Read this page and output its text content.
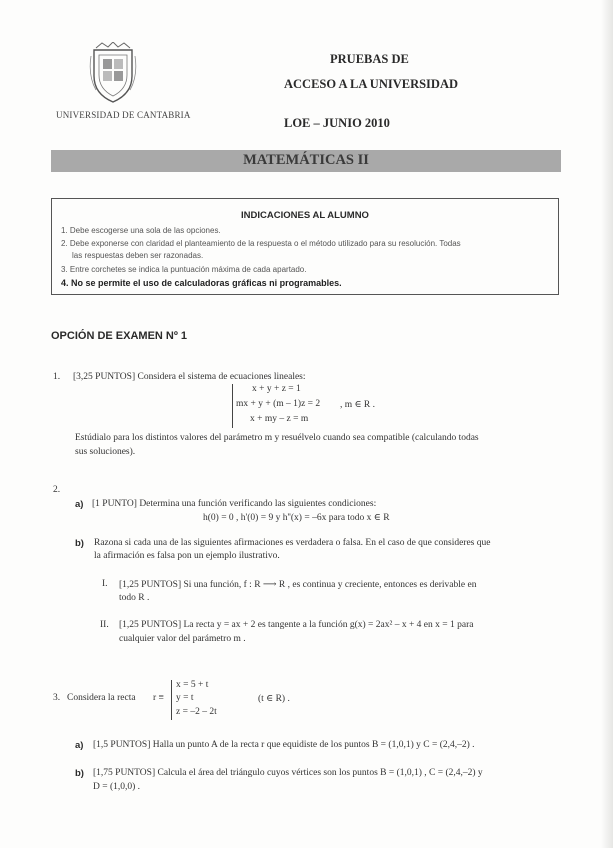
UNIVERSIDAD DE CANTABRIA
PRUEBAS DE
ACCESO A LA UNIVERSIDAD
LOE – JUNIO 2010
MATEMÁTICAS II
INDICACIONES AL ALUMNO
1. Debe escogerse una sola de las opciones.
2. Debe exponerse con claridad el planteamiento de la respuesta o el método utilizado para su resolución. Todas
las respuestas deben ser razonadas.
3. Entre corchetes se indica la puntuación máxima de cada apartado.
4. No se permite el uso de calculadoras gráficas ni programables.
OPCIÓN DE EXAMEN Nº 1
1. [3,25 PUNTOS] Considera el sistema de ecuaciones lineales:
x + y + z = 1
mx + y + (m – 1)z = 2 , m ∈ R .
x + my – z = m
Estúdialo para los distintos valores del parámetro m y resuélvelo cuando sea compatible (calculando todas
sus soluciones).
2.
a) [1 PUNTO] Determina una función verificando las siguientes condiciones:
h(0) = 0 , h'(0) = 9 y h''(x) = –6x para todo x ∈ R
b) Razona si cada una de las siguientes afirmaciones es verdadera o falsa. En el caso de que consideres que
la afirmación es falsa pon un ejemplo ilustrativo.
I. [1,25 PUNTOS] Si una función, f : R ⟶ R , es continua y creciente, entonces es derivable en
todo R .
II. [1,25 PUNTOS] La recta y = ax + 2 es tangente a la función g(x) = 2ax² – x + 4 en x = 1 para
cualquier valor del parámetro m .
3. Considera la recta r ≡
x = 5 + t
y = t
z = –2 – 2t
(t ∈ R) .
a) [1,5 PUNTOS] Halla un punto A de la recta r que equidiste de los puntos B = (1,0,1) y C = (2,4,–2) .
b) [1,75 PUNTOS] Calcula el área del triángulo cuyos vértices son los puntos B = (1,0,1) , C = (2,4,–2) y
D = (1,0,0) .
